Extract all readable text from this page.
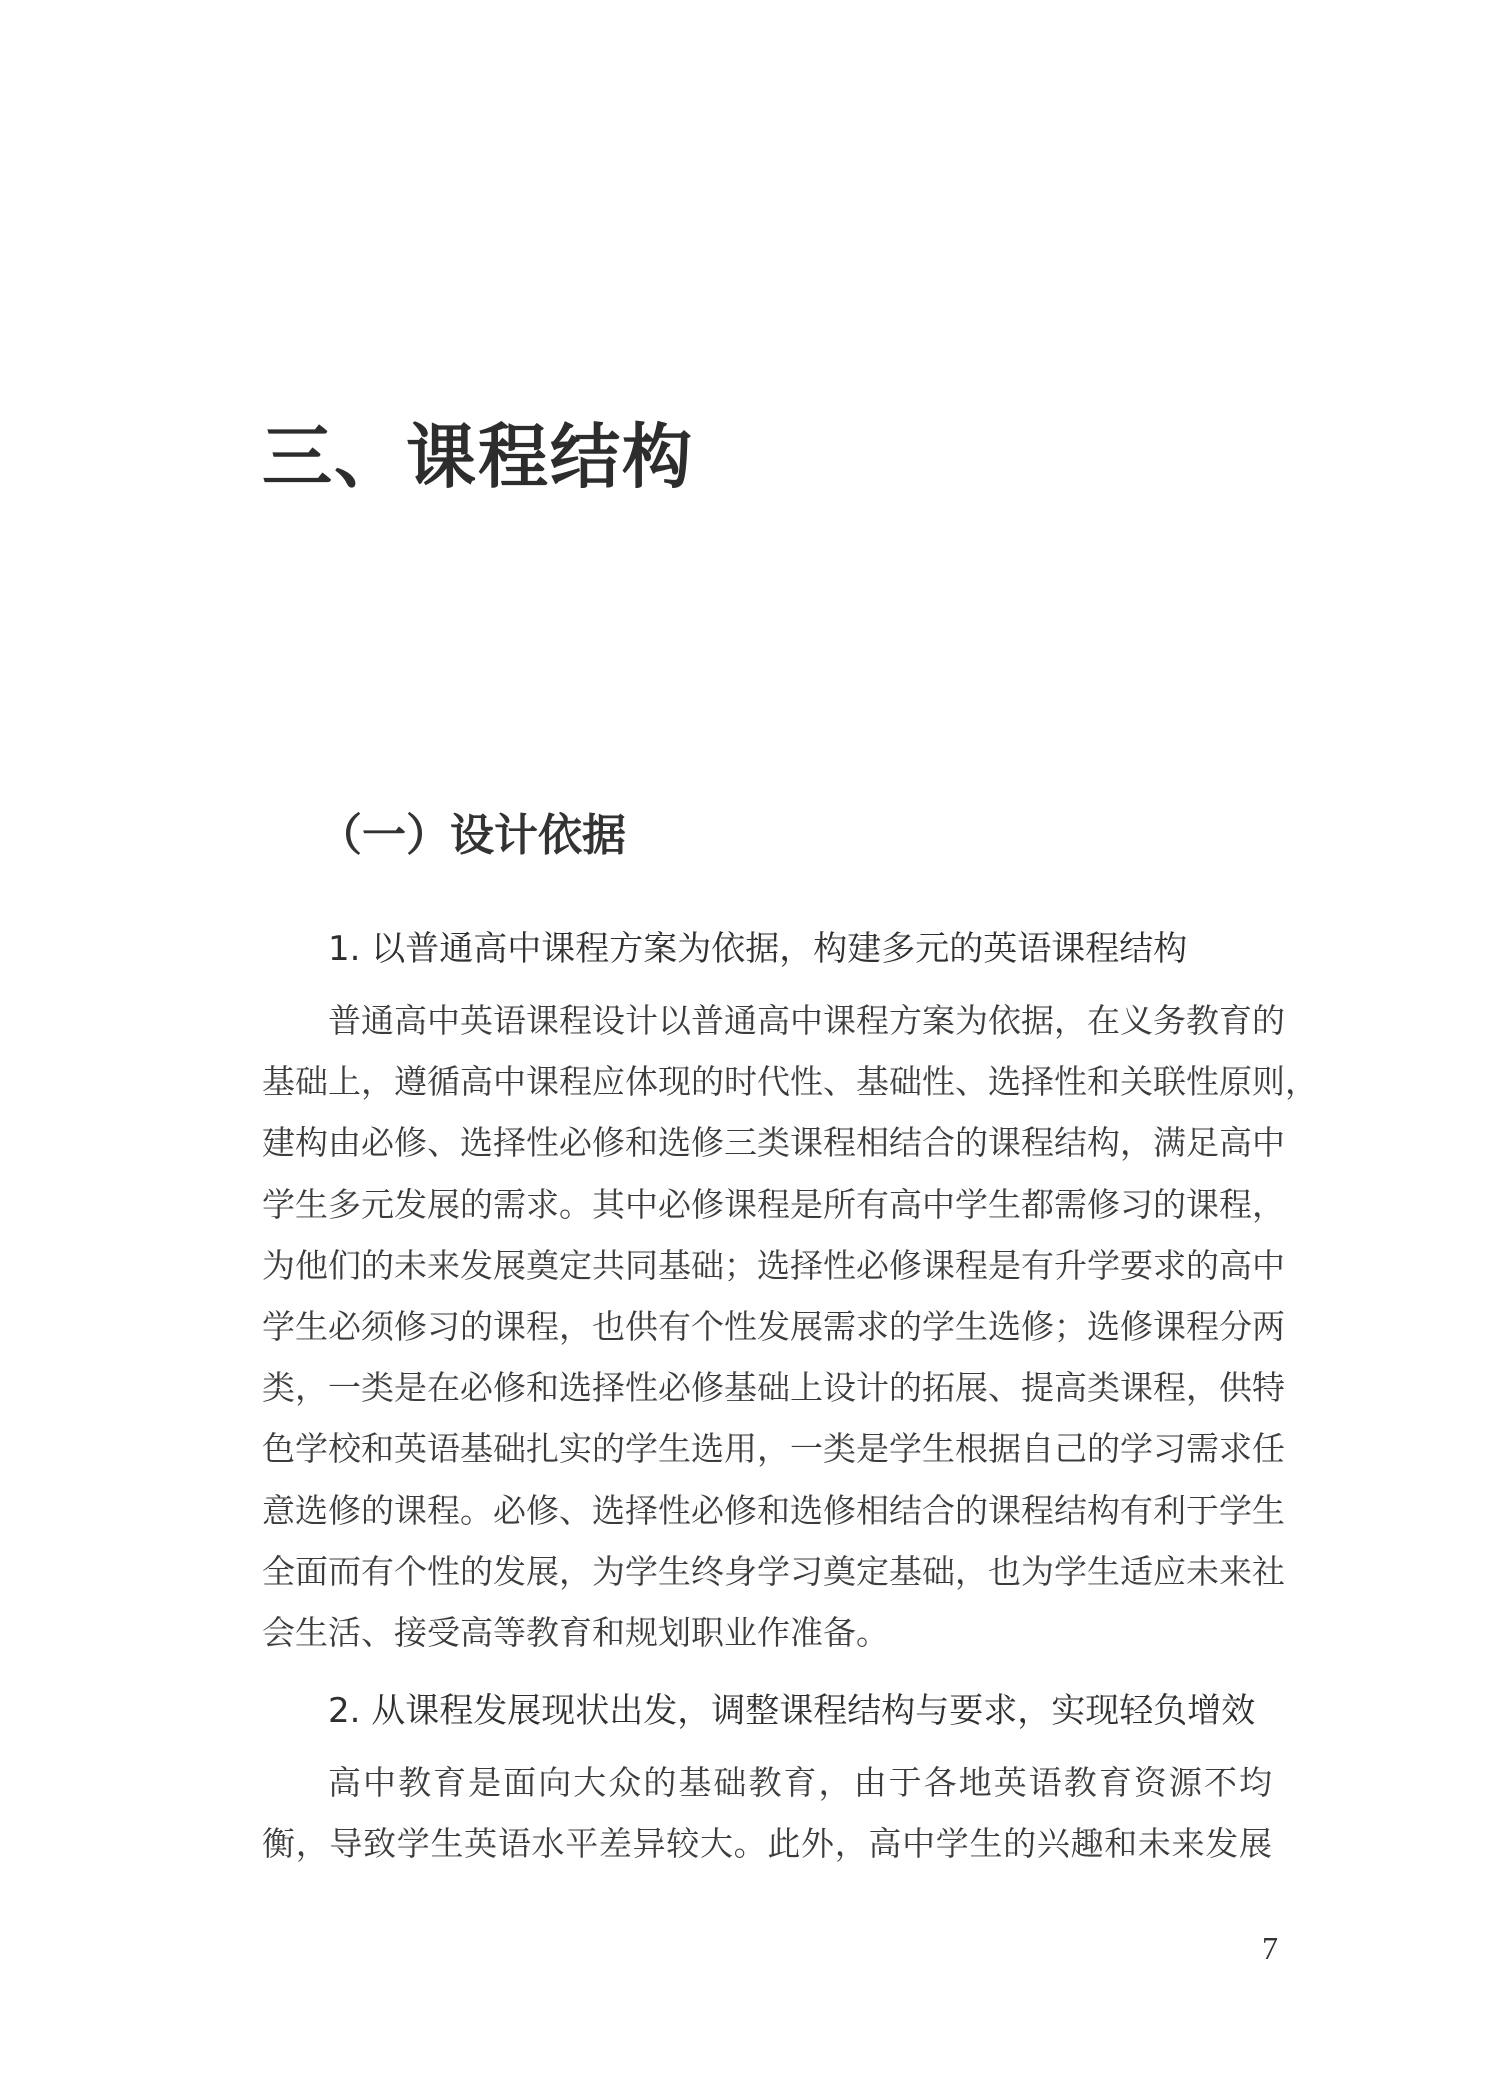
三、课程结构
（一）设计依据
1. 以普通高中课程方案为依据，构建多元的英语课程结构
普通高中英语课程设计以普通高中课程方案为依据，在义务教育的
基础上，遵循高中课程应体现的时代性、基础性、选择性和关联性原则，
建构由必修、选择性必修和选修三类课程相结合的课程结构，满足高中
学生多元发展的需求。其中必修课程是所有高中学生都需修习的课程，
为他们的未来发展奠定共同基础；选择性必修课程是有升学要求的高中
学生必须修习的课程，也供有个性发展需求的学生选修；选修课程分两
类，一类是在必修和选择性必修基础上设计的拓展、提高类课程，供特
色学校和英语基础扎实的学生选用，一类是学生根据自己的学习需求任
意选修的课程。必修、选择性必修和选修相结合的课程结构有利于学生
全面而有个性的发展，为学生终身学习奠定基础，也为学生适应未来社
会生活、接受高等教育和规划职业作准备。
2. 从课程发展现状出发，调整课程结构与要求，实现轻负增效
高中教育是面向大众的基础教育，由于各地英语教育资源不均
衡，导致学生英语水平差异较大。此外，高中学生的兴趣和未来发展

7
